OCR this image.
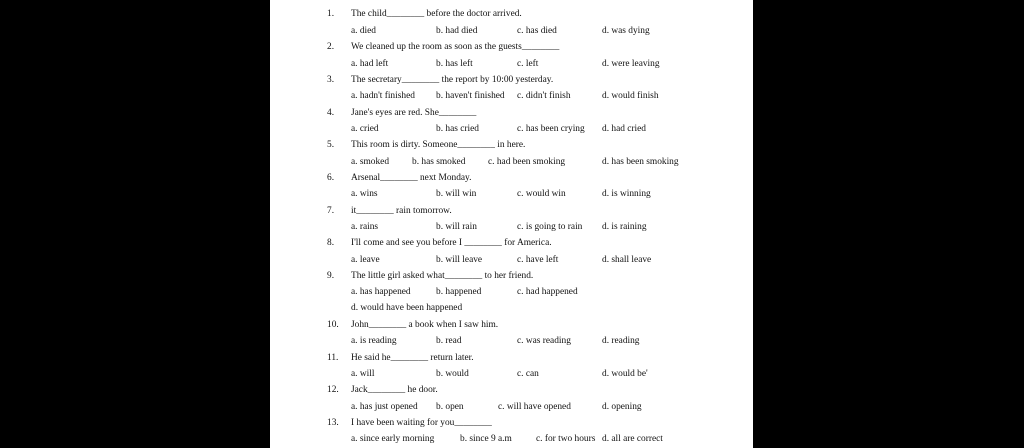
1. The child________ before the doctor arrived.
a. died	b. had died	c. has died	d. was dying
2. We cleaned up the room as soon as the guests________
a. had left	b. has left	c. left	d. were leaving
3. The secretary________ the report by 10:00 yesterday.
a. hadn't finished b. haven't finished c. didn't finish	d. would finish
4. Jane's eyes are red. She________
a. cried	b. has cried	c. has been crying d. had cried
5. This room is dirty. Someone________ in here.
a. smoked b. has smoked c. had been smoking	d. has been smoking
6. Arsenal________ next Monday.
a. wins	b. will win	c. would win	d. is winning
7. it________ rain tomorrow.
a. rains	b. will rain	c. is going to rain d. is raining
8. I'll come and see you before I ________ for America.
a. leave	b. will leave	c. have left	d. shall leave
9. The little girl asked what________ to her friend.
a. has happened	b. happened	c. had happened
d. would have been happened
10. John________ a book when I saw him.
a. is reading	b. read	c. was reading	d. reading
11. He said he________ return later.
a. will	b. would	c. can	d. would be'
12. Jack________ he door.
a. has just opened b. open	c. will have opened	d. opening
13. I have been waiting for you________
a. since early morning	b. since 9 a.m	c. for two hours d. all are correct
